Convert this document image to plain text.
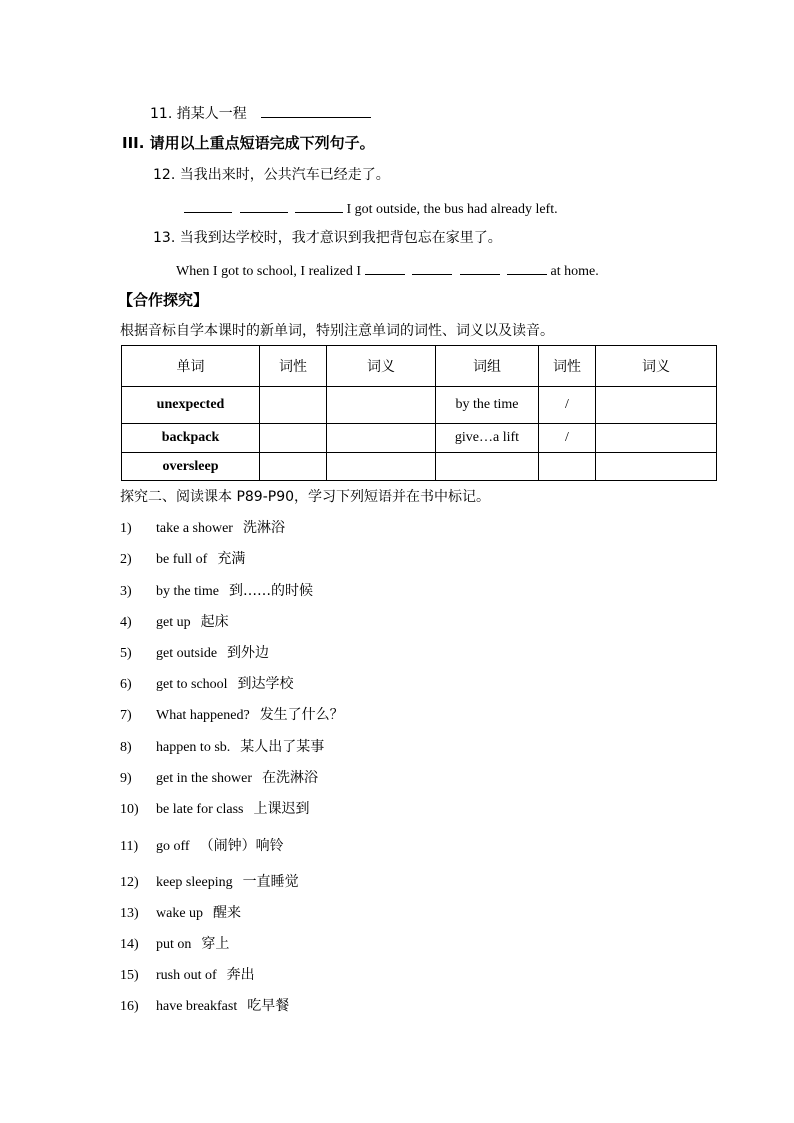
11. 捎某人一程
III. 请用以上重点短语完成下列句子。
12. 当我出来时，公共汽车已经走了。
I got outside, the bus had already left.
13. 当我到达学校时，我才意识到我把背包忘在家里了。
When I got to school, I realized I	at home.
【合作探究】
根据音标自学本课时的新单词，特别注意单词的词性、词义以及读音。
单词	词性	词义	词组	词性	词义
unexpected			by the time	/	
backpack			give…a lift	/	
oversleep					
探究二、阅读课本 P89-P90，学习下列短语并在书中标记。
1) take a shower 洗淋浴
2) be full of 充满
3) by the time 到……的时候
4) get up 起床
5) get outside 到外边
6) get to school 到达学校
7) What happened? 发生了什么？
8) happen to sb. 某人出了某事
9) get in the shower 在洗淋浴
10) be late for class 上课迟到
11) go off （闹钟）响铃
12) keep sleeping 一直睡觉
13) wake up 醒来
14) put on 穿上
15) rush out of 奔出
16) have breakfast 吃早餐
